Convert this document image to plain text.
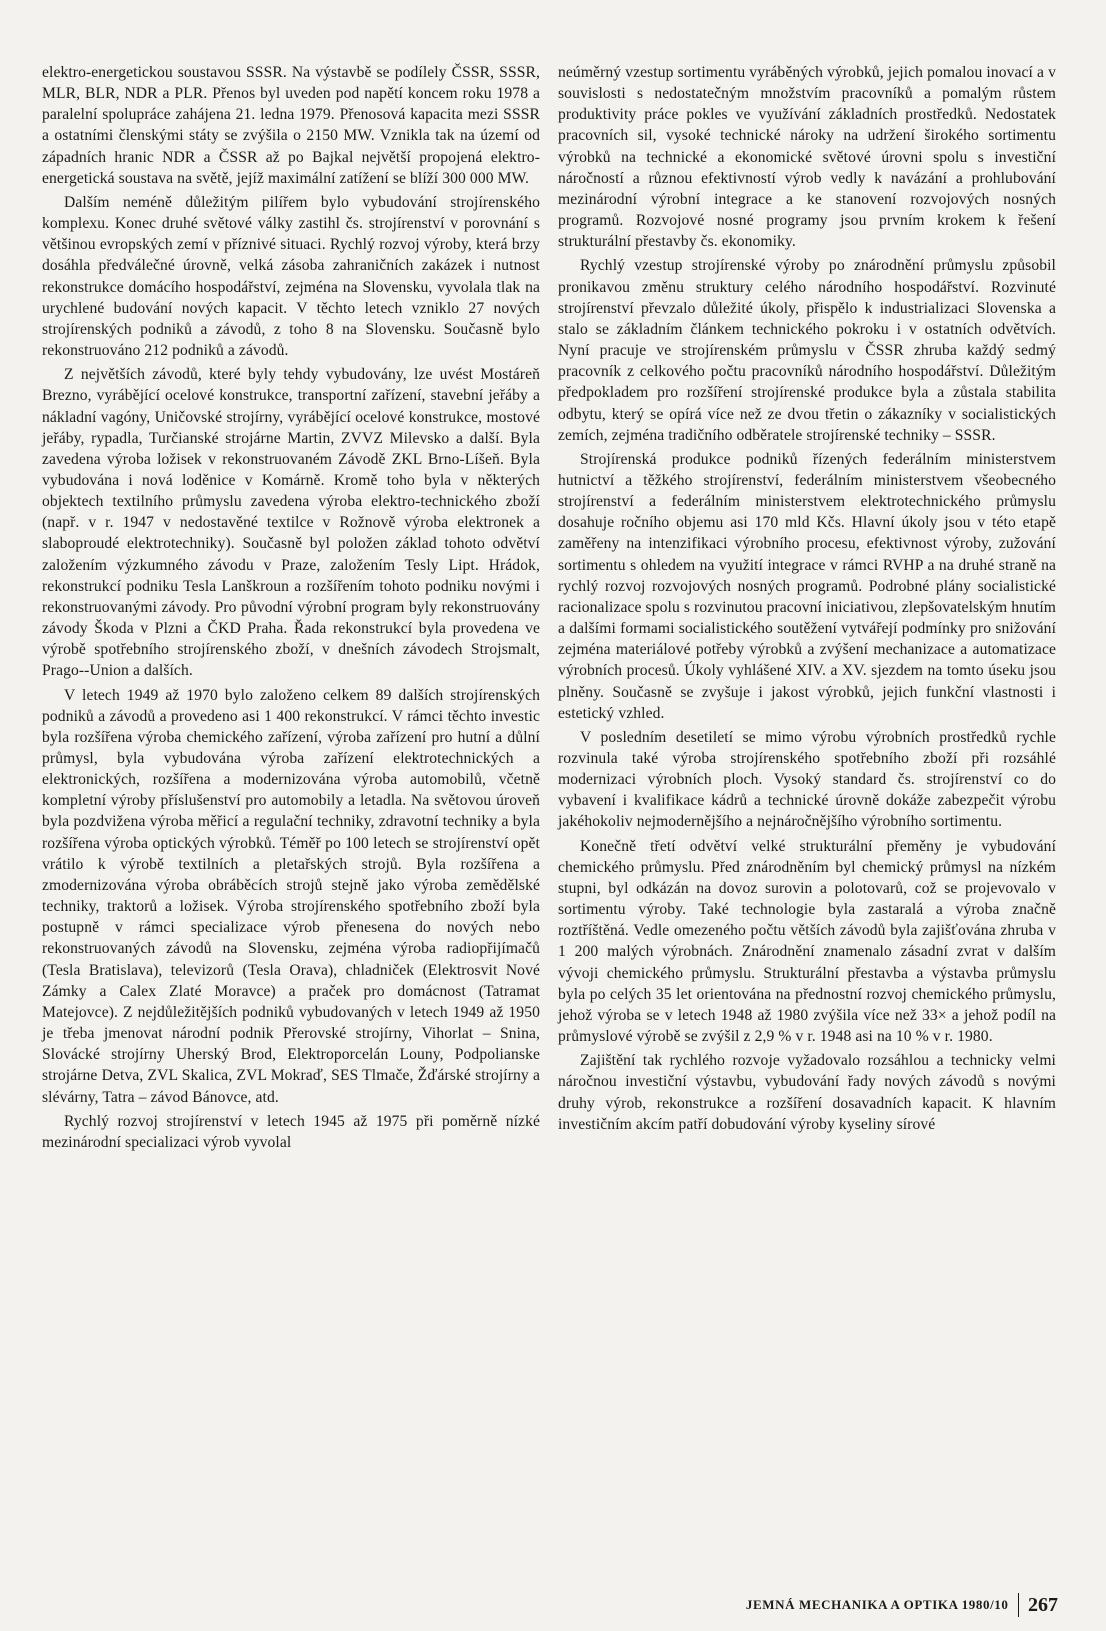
elektro-energetickou soustavou SSSR. Na výstavbě se podílely ČSSR, SSSR, MLR, BLR, NDR a PLR. Přenos byl uveden pod napětí koncem roku 1978 a paralelní spolupráce zahájena 21. ledna 1979. Přenosová kapacita mezi SSSR a ostatními členskými státy se zvýšila o 2150 MW. Vznikla tak na území od západních hranic NDR a ČSSR až po Bajkal největší propojená elektro-energetická soustava na světě, jejíž maximální zatížení se blíží 300 000 MW.

Dalším neméně důležitým pilířem bylo vybudování strojírenského komplexu. Konec druhé světové války zastihl čs. strojírenství v porovnání s většinou evropských zemí v příznivé situaci. Rychlý rozvoj výroby, která brzy dosáhla předválečné úrovně, velká zásoba zahraničních zakázek i nutnost rekonstrukce domácího hospodářství, zejména na Slovensku, vyvolala tlak na urychlené budování nových kapacit. V těchto letech vzniklo 27 nových strojírenských podniků a závodů, z toho 8 na Slovensku. Současně bylo rekonstruováno 212 podniků a závodů.

Z největších závodů, které byly tehdy vybudovány, lze uvést Mostáreň Brezno, vyrábějící ocelové konstrukce, transportní zařízení, stavební jeřáby a nákladní vagóny, Uničovské strojírny, vyrábějící ocelové konstrukce, mostové jeřáby, rypadla, Turčianské strojárne Martin, ZVVZ Milevsko a další. Byla zavedena výroba ložisek v rekonstruovaném Závodě ZKL Brno-Líšeň. Byla vybudována i nová loděnice v Komárně. Kromě toho byla v některých objektech textilního průmyslu zavedena výroba elektro-technického zboží (např. v r. 1947 v nedostavěné textilce v Rožnově výroba elektronek a slaboproudé elektrotechniky). Současně byl položen základ tohoto odvětví založením výzkumného závodu v Praze, založením Tesly Lipt. Hrádok, rekonstrukcí podniku Tesla Lanškroun a rozšířením tohoto podniku novými i rekonstruovanými závody. Pro původní výrobní program byly rekonstruovány závody Škoda v Plzni a ČKD Praha. Řada rekonstrukcí byla provedena ve výrobě spotřebního strojírenského zboží, v dnešních závodech Strojsmalt, Prago--Union a dalších.

V letech 1949 až 1970 bylo založeno celkem 89 dalších strojírenských podniků a závodů a provedeno asi 1 400 rekonstrukcí. V rámci těchto investic byla rozšířena výroba chemického zařízení, výroba zařízení pro hutní a důlní průmysl, byla vybudována výroba zařízení elektrotechnických a elektronických, rozšířena a modernizována výroba automobilů, včetně kompletní výroby příslušenství pro automobily a letadla. Na světovou úroveň byla pozdvižena výroba měřicí a regulační techniky, zdravotní techniky a byla rozšířena výroba optických výrobků. Téměř po 100 letech se strojírenství opět vrátilo k výrobě textilních a pletařských strojů. Byla rozšířena a zmodernizována výroba obráběcích strojů stejně jako výroba zemědělské techniky, traktorů a ložisek. Výroba strojírenského spotřebního zboží byla postupně v rámci specializace výrob přenesena do nových nebo rekonstruovaných závodů na Slovensku, zejména výroba radiopřijímačů (Tesla Bratislava), televizorů (Tesla Orava), chladniček (Elektrosvit Nové Zámky a Calex Zlaté Moravce) a praček pro domácnost (Tatramat Matejovce). Z nejdůležitějších podniků vybudovaných v letech 1949 až 1950 je třeba jmenovat národní podnik Přerovské strojírny, Vihorlat – Snina, Slovácké strojírny Uherský Brod, Elektroporcelán Louny, Podpolianske strojárne Detva, ZVL Skalica, ZVL Mokraď, SES Tlmače, Žďárské strojírny a slévárny, Tatra – závod Bánovce, atd.

Rychlý rozvoj strojírenství v letech 1945 až 1975 při poměrně nízké mezinárodní specializaci výrob vyvolal

neúměrný vzestup sortimentu vyráběných výrobků, jejich pomalou inovací a v souvislosti s nedostatečným množstvím pracovníků a pomalým růstem produktivity práce pokles ve využívání základních prostředků. Nedostatek pracovních sil, vysoké technické nároky na udržení širokého sortimentu výrobků na technické a ekonomické světové úrovni spolu s investiční náročností a různou efektivností výrob vedly k navázání a prohlubování mezinárodní výrobní integrace a ke stanovení rozvojových nosných programů. Rozvojové nosné programy jsou prvním krokem k řešení strukturální přestavby čs. ekonomiky.

Rychlý vzestup strojírenské výroby po znárodnění průmyslu způsobil pronikavou změnu struktury celého národního hospodářství. Rozvinuté strojírenství převzalo důležité úkoly, přispělo k industrializaci Slovenska a stalo se základním článkem technického pokroku i v ostatních odvětvích. Nyní pracuje ve strojírenském průmyslu v ČSSR zhruba každý sedmý pracovník z celkového počtu pracovníků národního hospodářství. Důležitým předpokladem pro rozšíření strojírenské produkce byla a zůstala stabilita odbytu, který se opírá více než ze dvou třetin o zákazníky v socialistických zemích, zejména tradičního odběratele strojírenské techniky – SSSR.

Strojírenská produkce podniků řízených federálním ministerstvem hutnictví a těžkého strojírenství, federálním ministerstvem všeobecného strojírenství a federálním ministerstvem elektrotechnického průmyslu dosahuje ročního objemu asi 170 mld Kčs. Hlavní úkoly jsou v této etapě zaměřeny na intenzifikaci výrobního procesu, efektivnost výroby, zužování sortimentu s ohledem na využití integrace v rámci RVHP a na druhé straně na rychlý rozvoj rozvojových nosných programů. Podrobné plány socialistické racionalizace spolu s rozvinutou pracovní iniciativou, zlepšovatelským hnutím a dalšími formami socialistického soutěžení vytvářejí podmínky pro snižování zejména materiálové potřeby výrobků a zvýšení mechanizace a automatizace výrobních procesů. Úkoly vyhlášené XIV. a XV. sjezdem na tomto úseku jsou plněny. Současně se zvyšuje i jakost výrobků, jejich funkční vlastnosti i estetický vzhled.

V posledním desetiletí se mimo výrobu výrobních prostředků rychle rozvinula také výroba strojírenského spotřebního zboží při rozsáhlé modernizaci výrobních ploch. Vysoký standard čs. strojírenství co do vybavení i kvalifikace kádrů a technické úrovně dokáže zabezpečit výrobu jakéhokoliv nejmodernějšího a nejnáročnějšího výrobního sortimentu.

Konečně třetí odvětví velké strukturální přeměny je vybudování chemického průmyslu. Před znárodněním byl chemický průmysl na nízkém stupni, byl odkázán na dovoz surovin a polotovarů, což se projevovalo v sortimentu výroby. Také technologie byla zastaralá a výroba značně roztříštěná. Vedle omezeného počtu větších závodů byla zajišťována zhruba v 1 200 malých výrobnách. Znárodnění znamenalo zásadní zvrat v dalším vývoji chemického průmyslu. Strukturální přestavba a výstavba průmyslu byla po celých 35 let orientována na přednostní rozvoj chemického průmyslu, jehož výroba se v letech 1948 až 1980 zvýšila více než 33× a jehož podíl na průmyslové výrobě se zvýšil z 2,9 % v r. 1948 asi na 10 % v r. 1980.

Zajištění tak rychlého rozvoje vyžadovalo rozsáhlou a technicky velmi náročnou investiční výstavbu, vybudování řady nových závodů s novými druhy výrob, rekonstrukce a rozšíření dosavadních kapacit. K hlavním investičním akcím patří dobudování výroby kyseliny sírové

JEMNÁ MECHANIKA A OPTIKA 1980/10 267
